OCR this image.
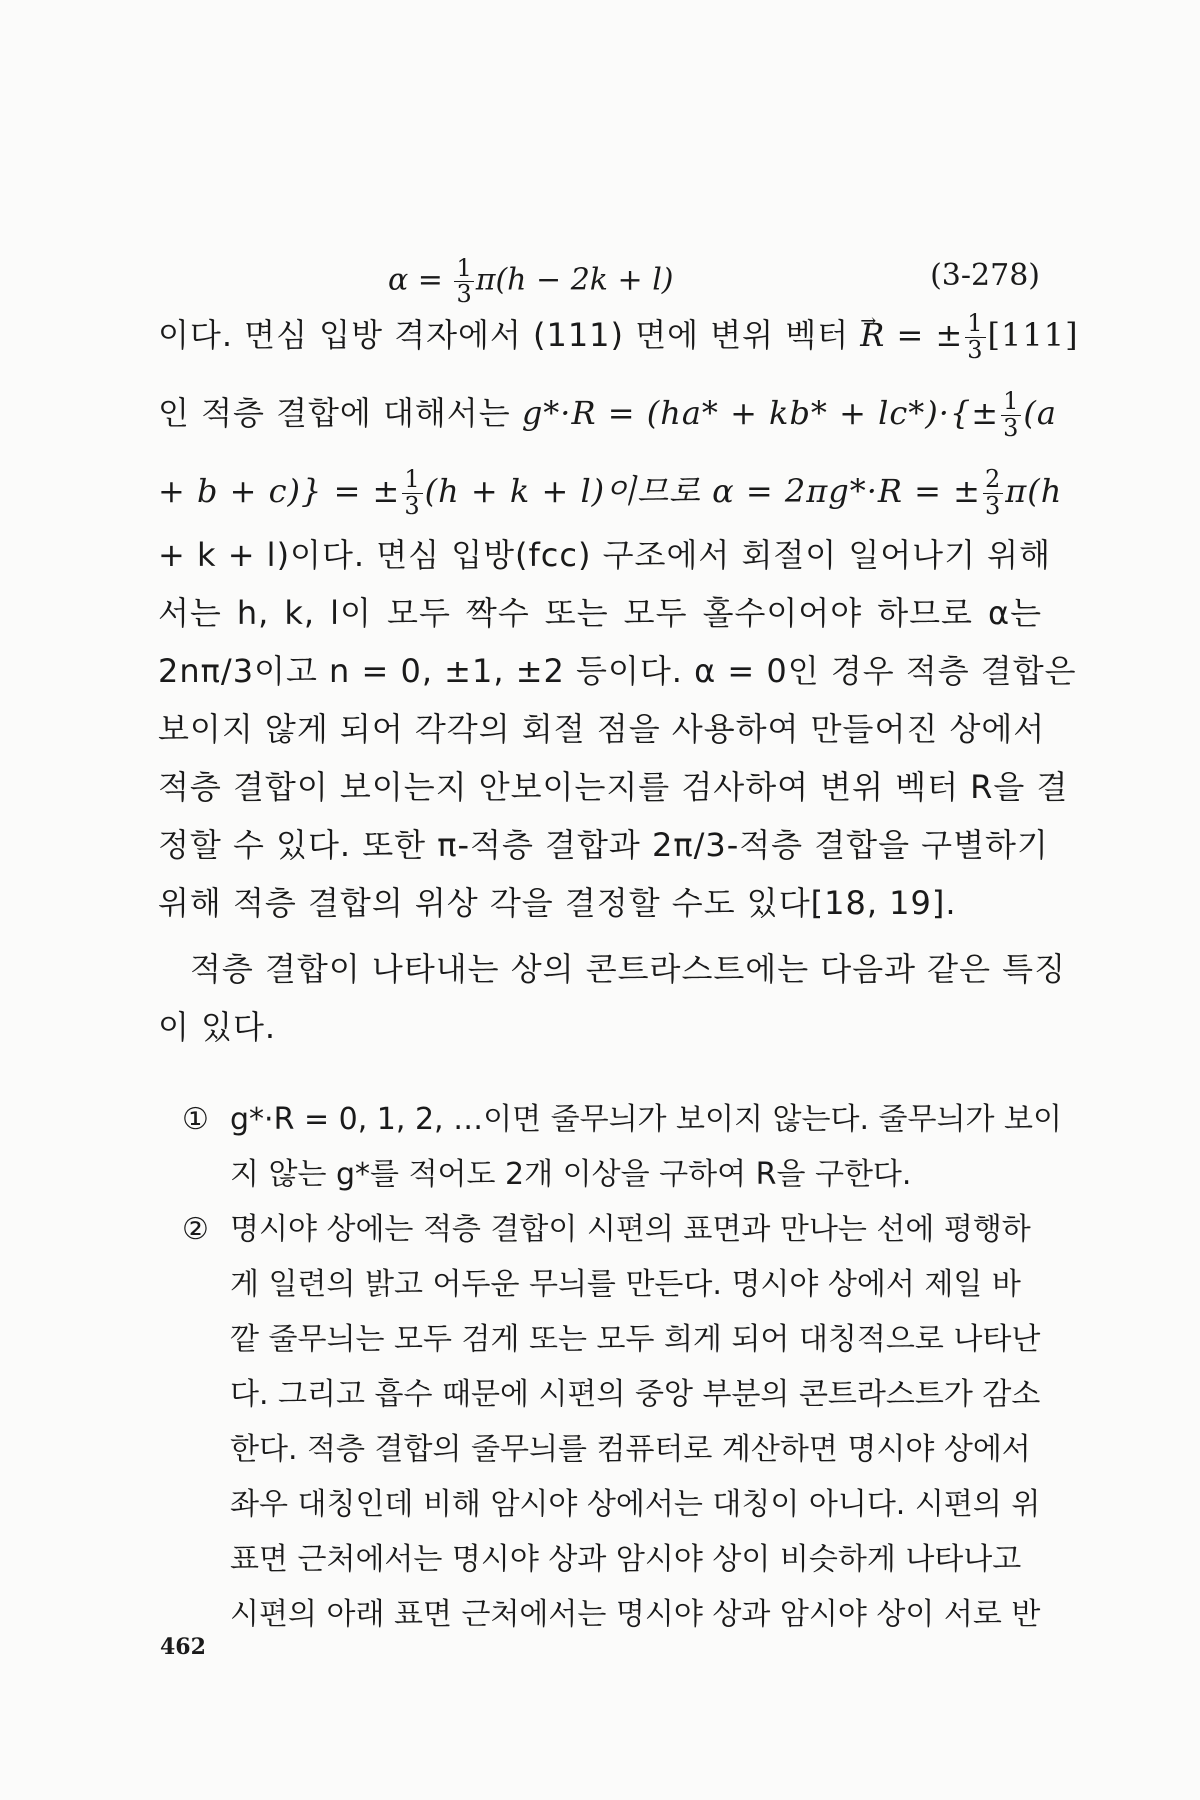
$\alpha = \frac{1}{3} \pi(h - 2k + l)$	(3-278)
이다. 면심 입방 격자에서 (111) 면에 변위 벡터 R → = ± $\frac{1}{3} [111]$
인 적층 결합에 대해서는 $g*\cdot R = (ha* + kb* + lc*)\cdot\{\pm \frac{1}{3} (a$
+ b + c)} = ± $\frac{1}{3} (h + k + l)$이므로 α = 2πg*·R = ± $\frac{2}{3} \pi(h$
+ k + l)이다. 면심 입방(fcc) 구조에서 회절이 일어나기 위해
서는 h, k, l이 모두 짝수 또는 모두 홀수이어야 하므로 α는
2nπ/3이고 n = 0, ±1, ±2 등이다. α = 0인 경우 적층 결합은
보이지 않게 되어 각각의 회절 점을 사용하여 만들어진 상에서
적층 결합이 보이는지 안보이는지를 검사하여 변위 벡터 R을 결
정할 수 있다. 또한 π-적층 결합과 2π/3-적층 결합을 구별하기
위해 적층 결합의 위상 각을 결정할 수도 있다[18, 19].
적층 결합이 나타내는 상의 콘트라스트에는 다음과 같은 특징
이 있다.
① g*·R = 0, 1, 2, …이면 줄무늬가 보이지 않는다. 줄무늬가 보이
지 않는 g*를 적어도 2개 이상을 구하여 R을 구한다.
② 명시야 상에는 적층 결합이 시편의 표면과 만나는 선에 평행하
게 일련의 밝고 어두운 무늬를 만든다. 명시야 상에서 제일 바
깥 줄무늬는 모두 검게 또는 모두 희게 되어 대칭적으로 나타난
다. 그리고 흡수 때문에 시편의 중앙 부분의 콘트라스트가 감소
한다. 적층 결합의 줄무늬를 컴퓨터로 계산하면 명시야 상에서
좌우 대칭인데 비해 암시야 상에서는 대칭이 아니다. 시편의 위
표면 근처에서는 명시야 상과 암시야 상이 비슷하게 나타나고
시편의 아래 표면 근처에서는 명시야 상과 암시야 상이 서로 반
462
